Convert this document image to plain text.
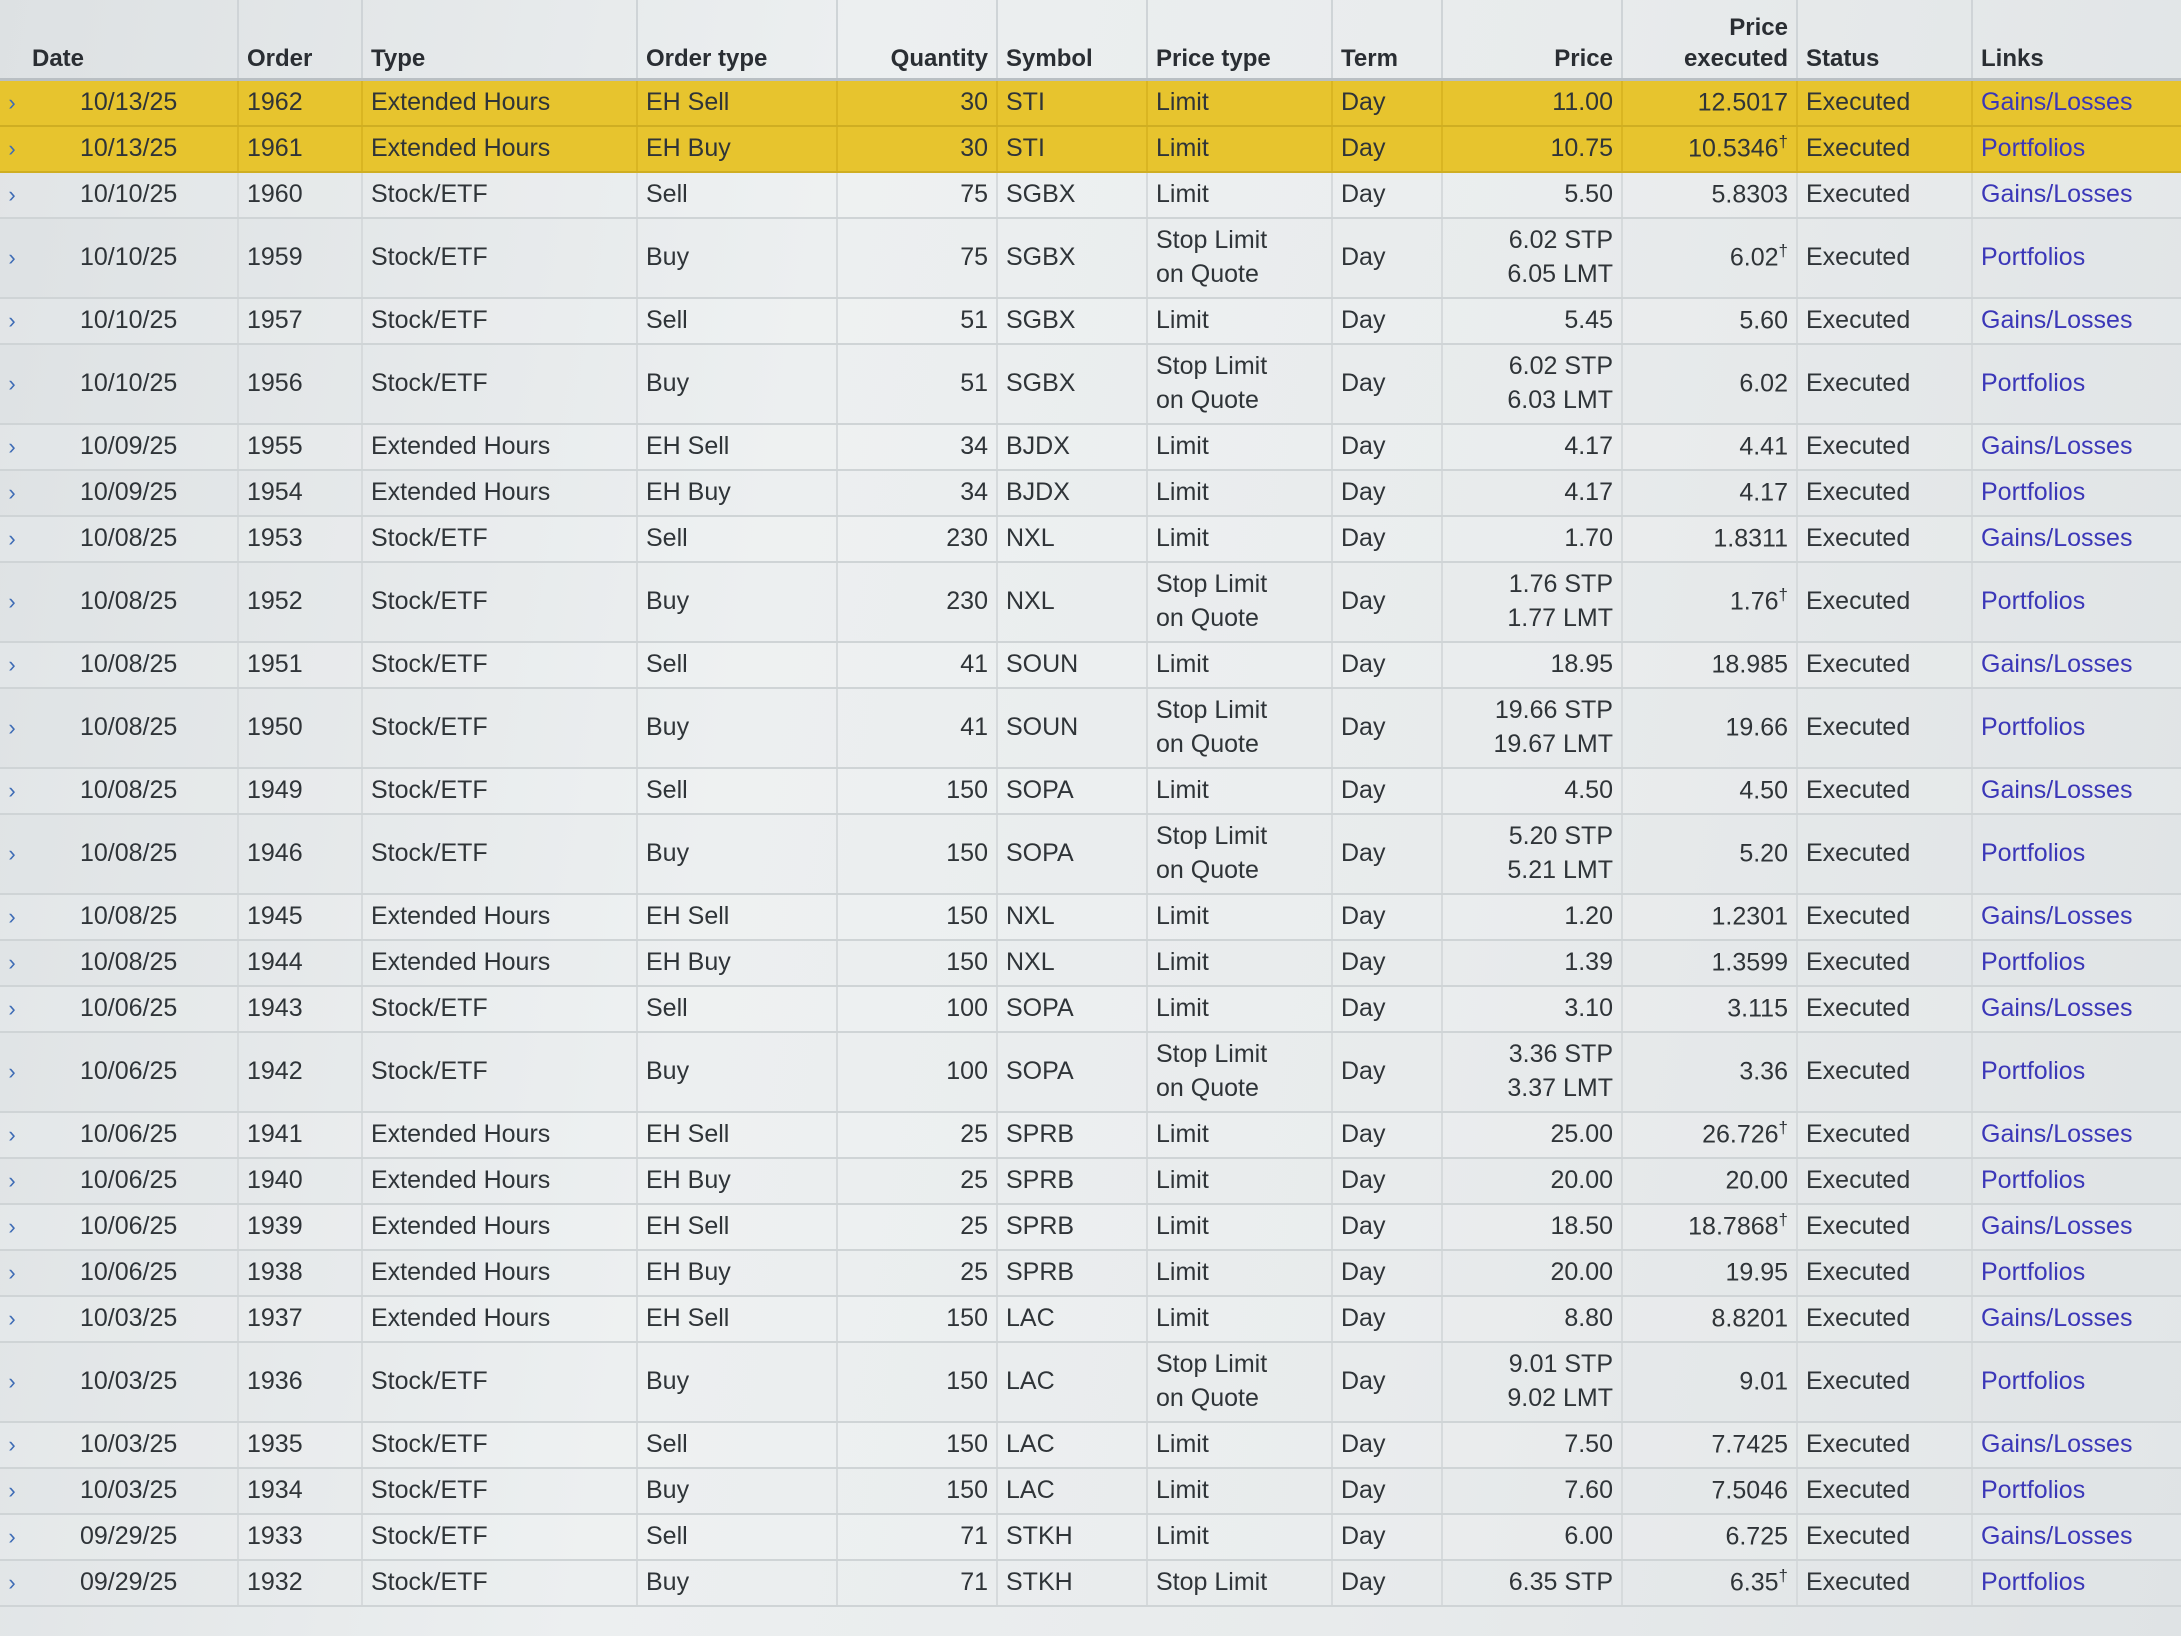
	Date	Order	Type	Order type	Quantity	Symbol	Price type	Term	Price	Price
executed	Status	Links
›	10/13/25	1962	Extended Hours	EH Sell	30	STI	Limit	Day	11.00	12.5017	Executed	Gains/Losses
›	10/13/25	1961	Extended Hours	EH Buy	30	STI	Limit	Day	10.75	10.5346†	Executed	Portfolios
›	10/10/25	1960	Stock/ETF	Sell	75	SGBX	Limit	Day	5.50	5.8303	Executed	Gains/Losses
›	10/10/25	1959	Stock/ETF	Buy	75	SGBX	Stop Limit
on Quote	Day	6.02 STP
6.05 LMT	6.02†	Executed	Portfolios
›	10/10/25	1957	Stock/ETF	Sell	51	SGBX	Limit	Day	5.45	5.60	Executed	Gains/Losses
›	10/10/25	1956	Stock/ETF	Buy	51	SGBX	Stop Limit
on Quote	Day	6.02 STP
6.03 LMT	6.02	Executed	Portfolios
›	10/09/25	1955	Extended Hours	EH Sell	34	BJDX	Limit	Day	4.17	4.41	Executed	Gains/Losses
›	10/09/25	1954	Extended Hours	EH Buy	34	BJDX	Limit	Day	4.17	4.17	Executed	Portfolios
›	10/08/25	1953	Stock/ETF	Sell	230	NXL	Limit	Day	1.70	1.8311	Executed	Gains/Losses
›	10/08/25	1952	Stock/ETF	Buy	230	NXL	Stop Limit
on Quote	Day	1.76 STP
1.77 LMT	1.76†	Executed	Portfolios
›	10/08/25	1951	Stock/ETF	Sell	41	SOUN	Limit	Day	18.95	18.985	Executed	Gains/Losses
›	10/08/25	1950	Stock/ETF	Buy	41	SOUN	Stop Limit
on Quote	Day	19.66 STP
19.67 LMT	19.66	Executed	Portfolios
›	10/08/25	1949	Stock/ETF	Sell	150	SOPA	Limit	Day	4.50	4.50	Executed	Gains/Losses
›	10/08/25	1946	Stock/ETF	Buy	150	SOPA	Stop Limit
on Quote	Day	5.20 STP
5.21 LMT	5.20	Executed	Portfolios
›	10/08/25	1945	Extended Hours	EH Sell	150	NXL	Limit	Day	1.20	1.2301	Executed	Gains/Losses
›	10/08/25	1944	Extended Hours	EH Buy	150	NXL	Limit	Day	1.39	1.3599	Executed	Portfolios
›	10/06/25	1943	Stock/ETF	Sell	100	SOPA	Limit	Day	3.10	3.115	Executed	Gains/Losses
›	10/06/25	1942	Stock/ETF	Buy	100	SOPA	Stop Limit
on Quote	Day	3.36 STP
3.37 LMT	3.36	Executed	Portfolios
›	10/06/25	1941	Extended Hours	EH Sell	25	SPRB	Limit	Day	25.00	26.726†	Executed	Gains/Losses
›	10/06/25	1940	Extended Hours	EH Buy	25	SPRB	Limit	Day	20.00	20.00	Executed	Portfolios
›	10/06/25	1939	Extended Hours	EH Sell	25	SPRB	Limit	Day	18.50	18.7868†	Executed	Gains/Losses
›	10/06/25	1938	Extended Hours	EH Buy	25	SPRB	Limit	Day	20.00	19.95	Executed	Portfolios
›	10/03/25	1937	Extended Hours	EH Sell	150	LAC	Limit	Day	8.80	8.8201	Executed	Gains/Losses
›	10/03/25	1936	Stock/ETF	Buy	150	LAC	Stop Limit
on Quote	Day	9.01 STP
9.02 LMT	9.01	Executed	Portfolios
›	10/03/25	1935	Stock/ETF	Sell	150	LAC	Limit	Day	7.50	7.7425	Executed	Gains/Losses
›	10/03/25	1934	Stock/ETF	Buy	150	LAC	Limit	Day	7.60	7.5046	Executed	Portfolios
›	09/29/25	1933	Stock/ETF	Sell	71	STKH	Limit	Day	6.00	6.725	Executed	Gains/Losses
›	09/29/25	1932	Stock/ETF	Buy	71	STKH	Stop Limit	Day	6.35 STP	6.35†	Executed	Portfolios
